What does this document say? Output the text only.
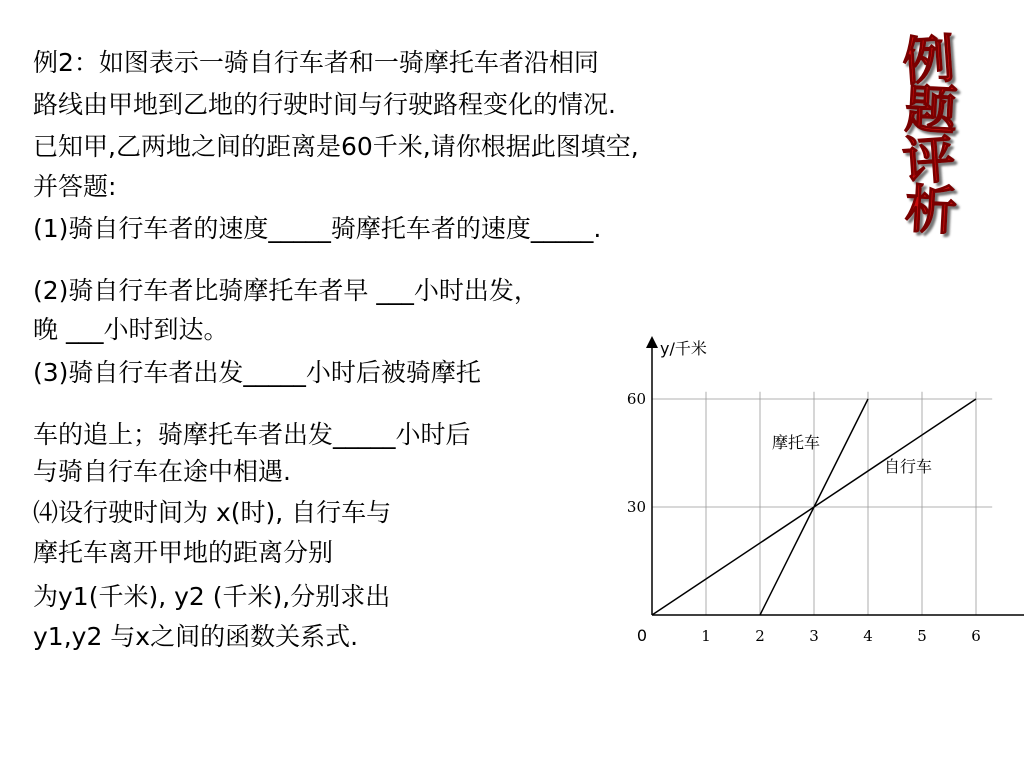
例2：如图表示一骑自行车者和一骑摩托车者沿相同
路线由甲地到乙地的行驶时间与行驶路程变化的情况.
已知甲,乙两地之间的距离是60千米,请你根据此图填空,
并答题:
(1)骑自行车者的速度_____骑摩托车者的速度_____.
(2)骑自行车者比骑摩托车者早 ___小时出发，
晚 ___小时到达。
(3)骑自行车者出发_____小时后被骑摩托
车的追上；骑摩托车者出发_____小时后
与骑自行车在途中相遇.
⑷设行驶时间为 x(时), 自行车与
摩托车离开甲地的距离分别
为y1(千米), y2 (千米),分别求出
y1,y2 与x之间的函数关系式.
例
题
评
析
0	1	2	3	4	5	6
30
60
y/千米
摩托车
自行车
